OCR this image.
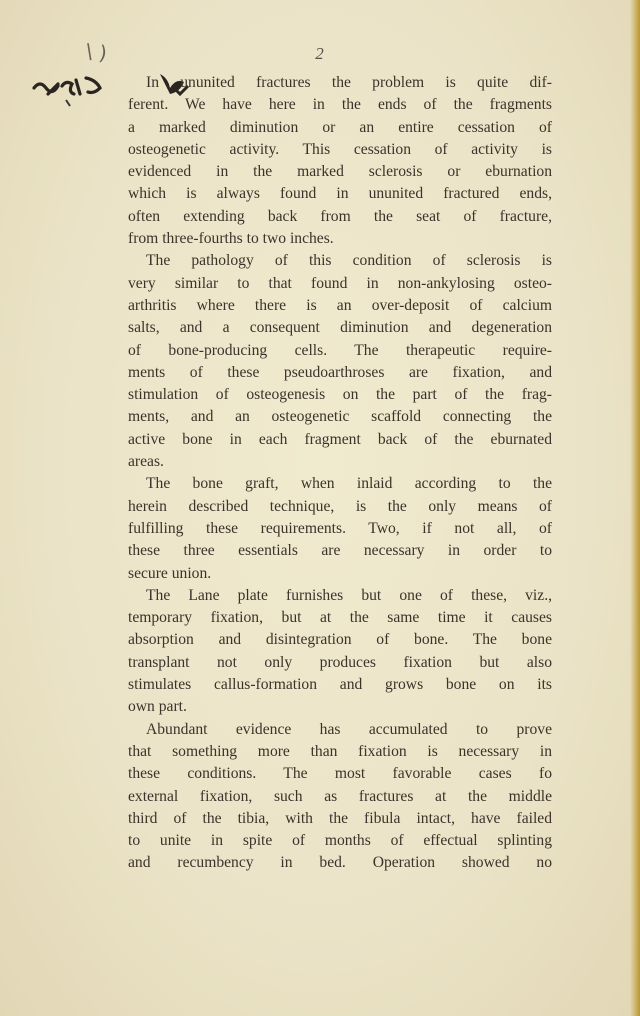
\ )	2
In ununited fractures the problem is quite dif-
ferent. We have here in the ends of the fragments
a marked diminution or an entire cessation of
osteogenetic activity. This cessation of activity is
evidenced in the marked sclerosis or eburnation
which is always found in ununited fractured ends,
often extending back from the seat of fracture,
from three-fourths to two inches.
The pathology of this condition of sclerosis is
very similar to that found in non-ankylosing osteo-
arthritis where there is an over-deposit of calcium
salts, and a consequent diminution and degeneration
of bone-producing cells. The therapeutic require-
ments of these pseudoarthroses are fixation, and
stimulation of osteogenesis on the part of the frag-
ments, and an osteogenetic scaffold connecting the
active bone in each fragment back of the eburnated
areas.
The bone graft, when inlaid according to the
herein described technique, is the only means of
fulfilling these requirements. Two, if not all, of
these three essentials are necessary in order to
secure union.
The Lane plate furnishes but one of these, viz.,
temporary fixation, but at the same time it causes
absorption and disintegration of bone. The bone
transplant not only produces fixation but also
stimulates callus-formation and grows bone on its
own part.
Abundant evidence has accumulated to prove
that something more than fixation is necessary in
these conditions. The most favorable cases fo
external fixation, such as fractures at the middle
third of the tibia, with the fibula intact, have failed
to unite in spite of months of effectual splinting
and recumbency in bed. Operation showed no
